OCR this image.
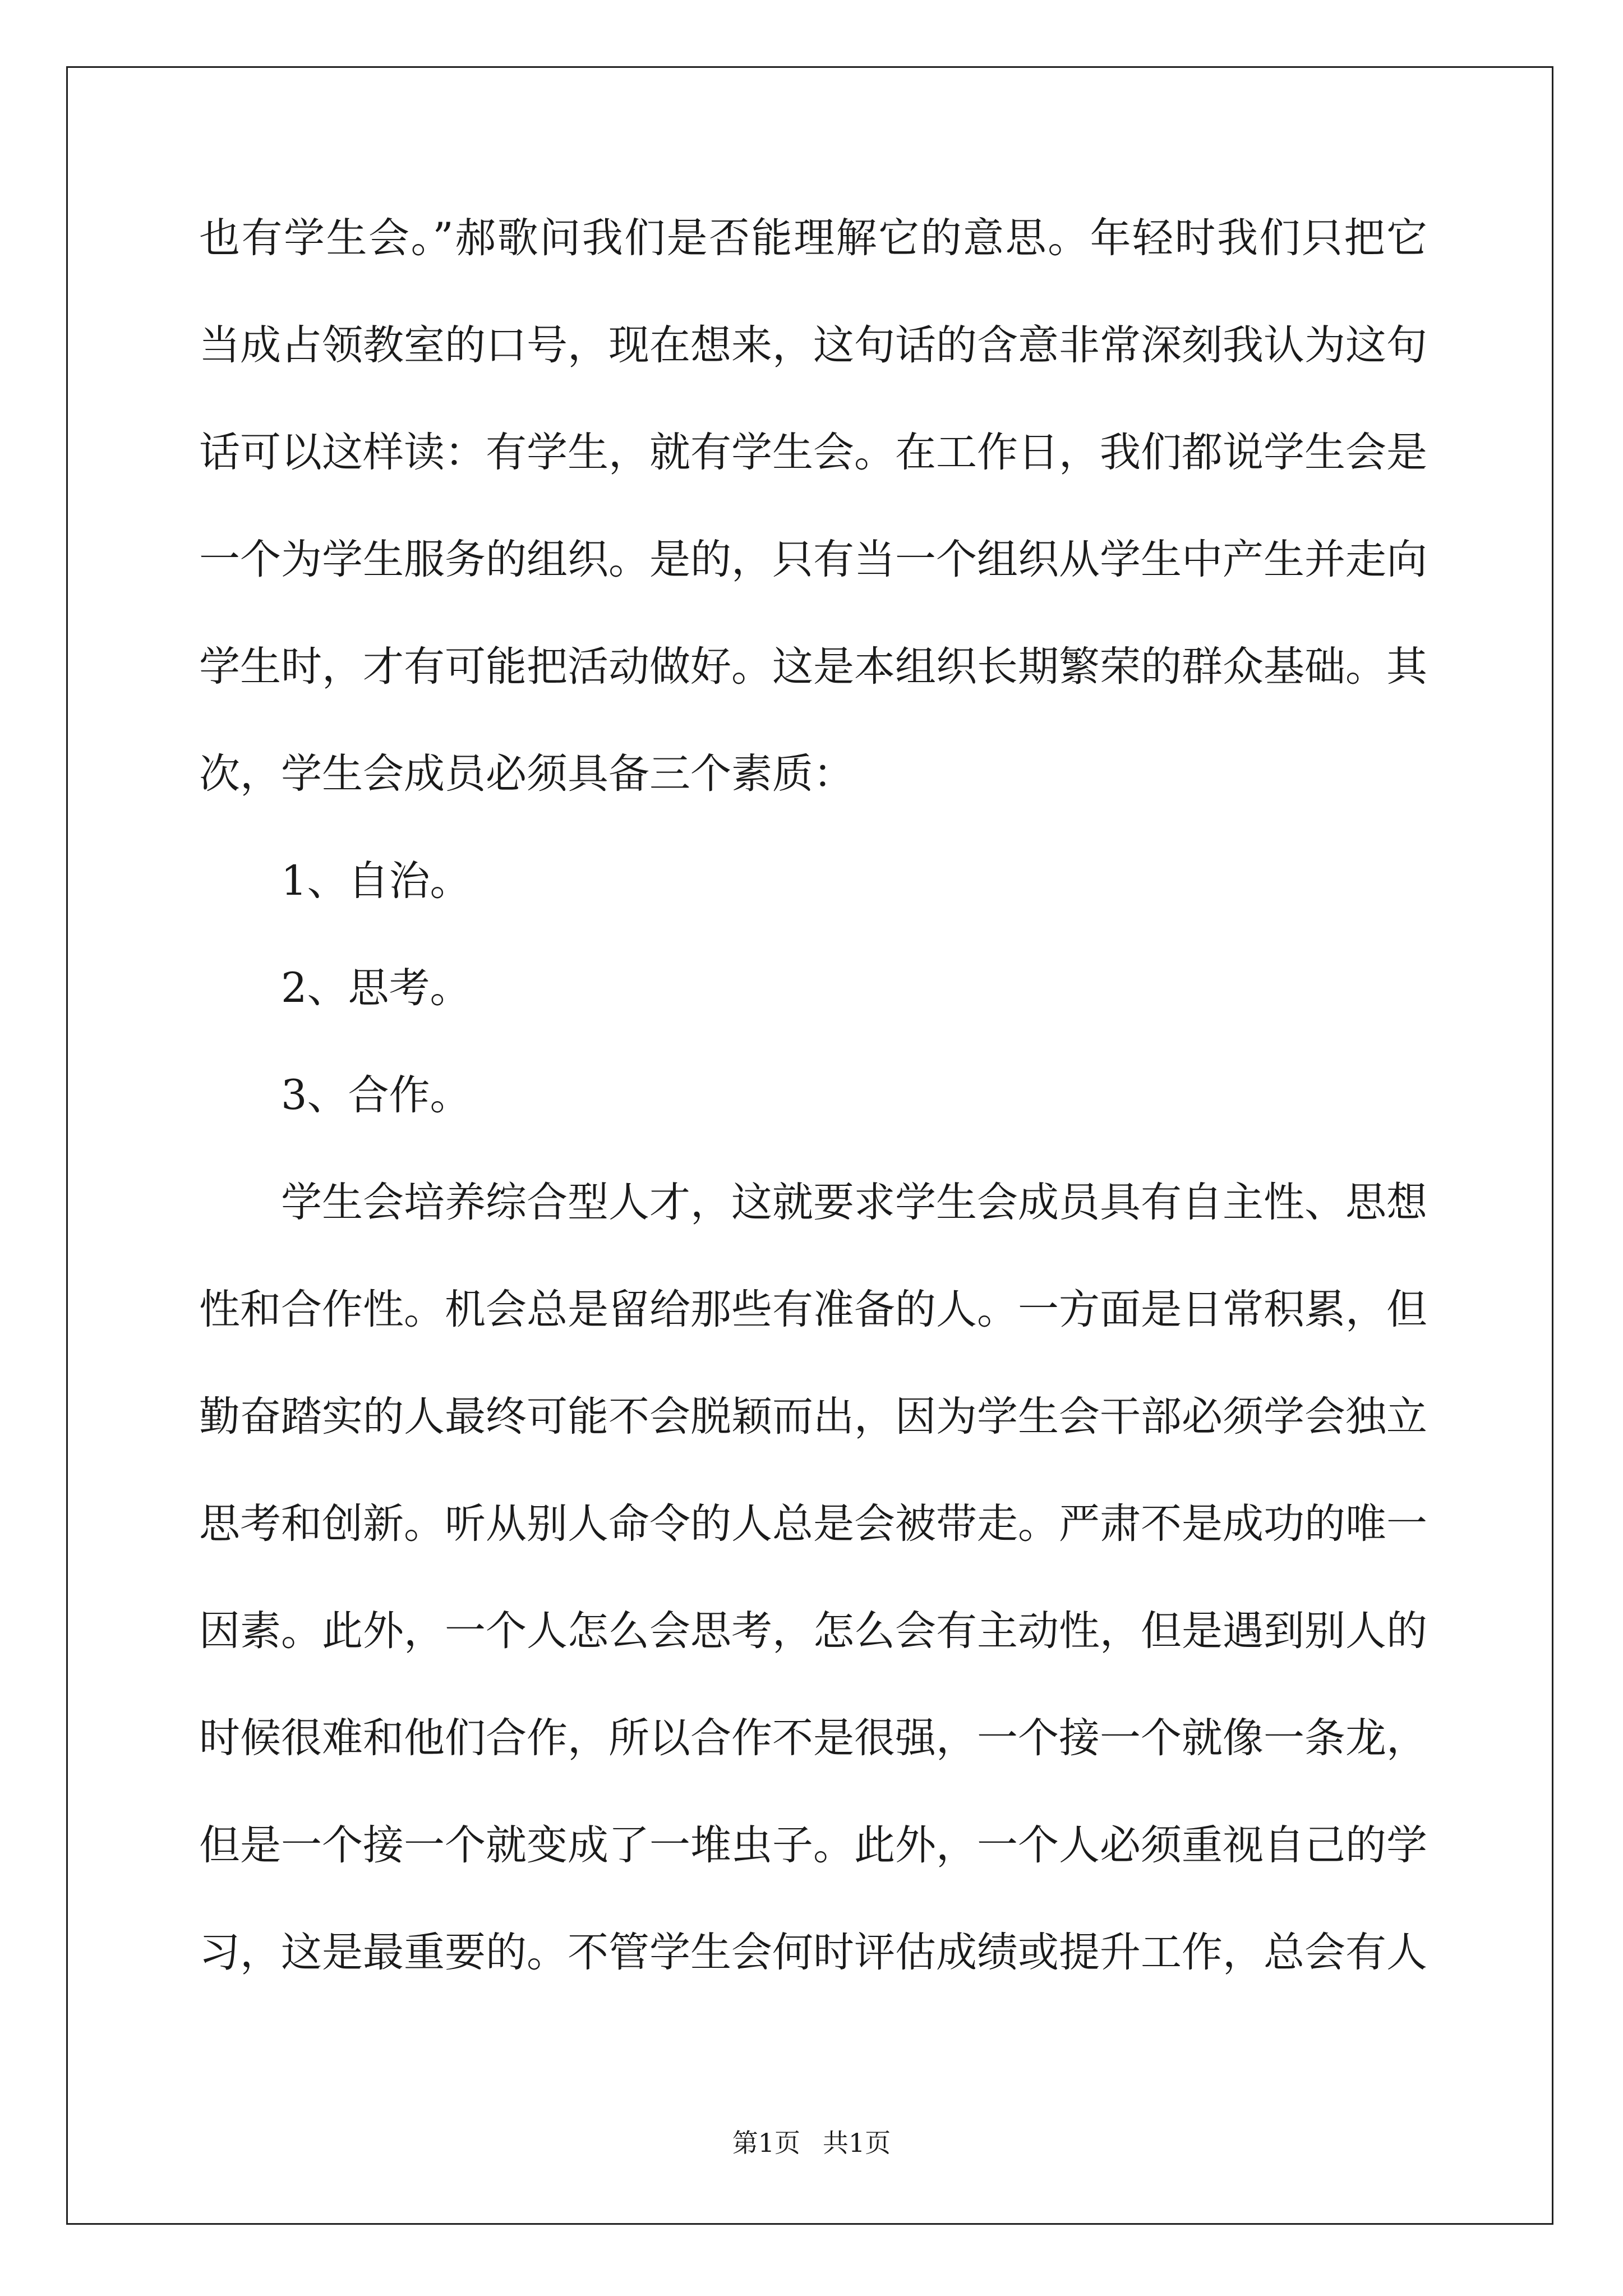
也有学生会。”郝歌问我们是否能理解它的意思。年轻时我们只把它
当成占领教室的口号，现在想来，这句话的含意非常深刻我认为这句
话可以这样读：有学生，就有学生会。在工作日，我们都说学生会是
一个为学生服务的组织。是的，只有当一个组织从学生中产生并走向
学生时，才有可能把活动做好。这是本组织长期繁荣的群众基础。其
次，学生会成员必须具备三个素质：
1、自治。
2、思考。
3、合作。
学生会培养综合型人才，这就要求学生会成员具有自主性、思想
性和合作性。机会总是留给那些有准备的人。一方面是日常积累，但
勤奋踏实的人最终可能不会脱颖而出，因为学生会干部必须学会独立
思考和创新。听从别人命令的人总是会被带走。严肃不是成功的唯一
因素。此外，一个人怎么会思考，怎么会有主动性，但是遇到别人的
时候很难和他们合作，所以合作不是很强，一个接一个就像一条龙，
但是一个接一个就变成了一堆虫子。此外，一个人必须重视自己的学
习，这是最重要的。不管学生会何时评估成绩或提升工作，总会有人
第1页 共1页
